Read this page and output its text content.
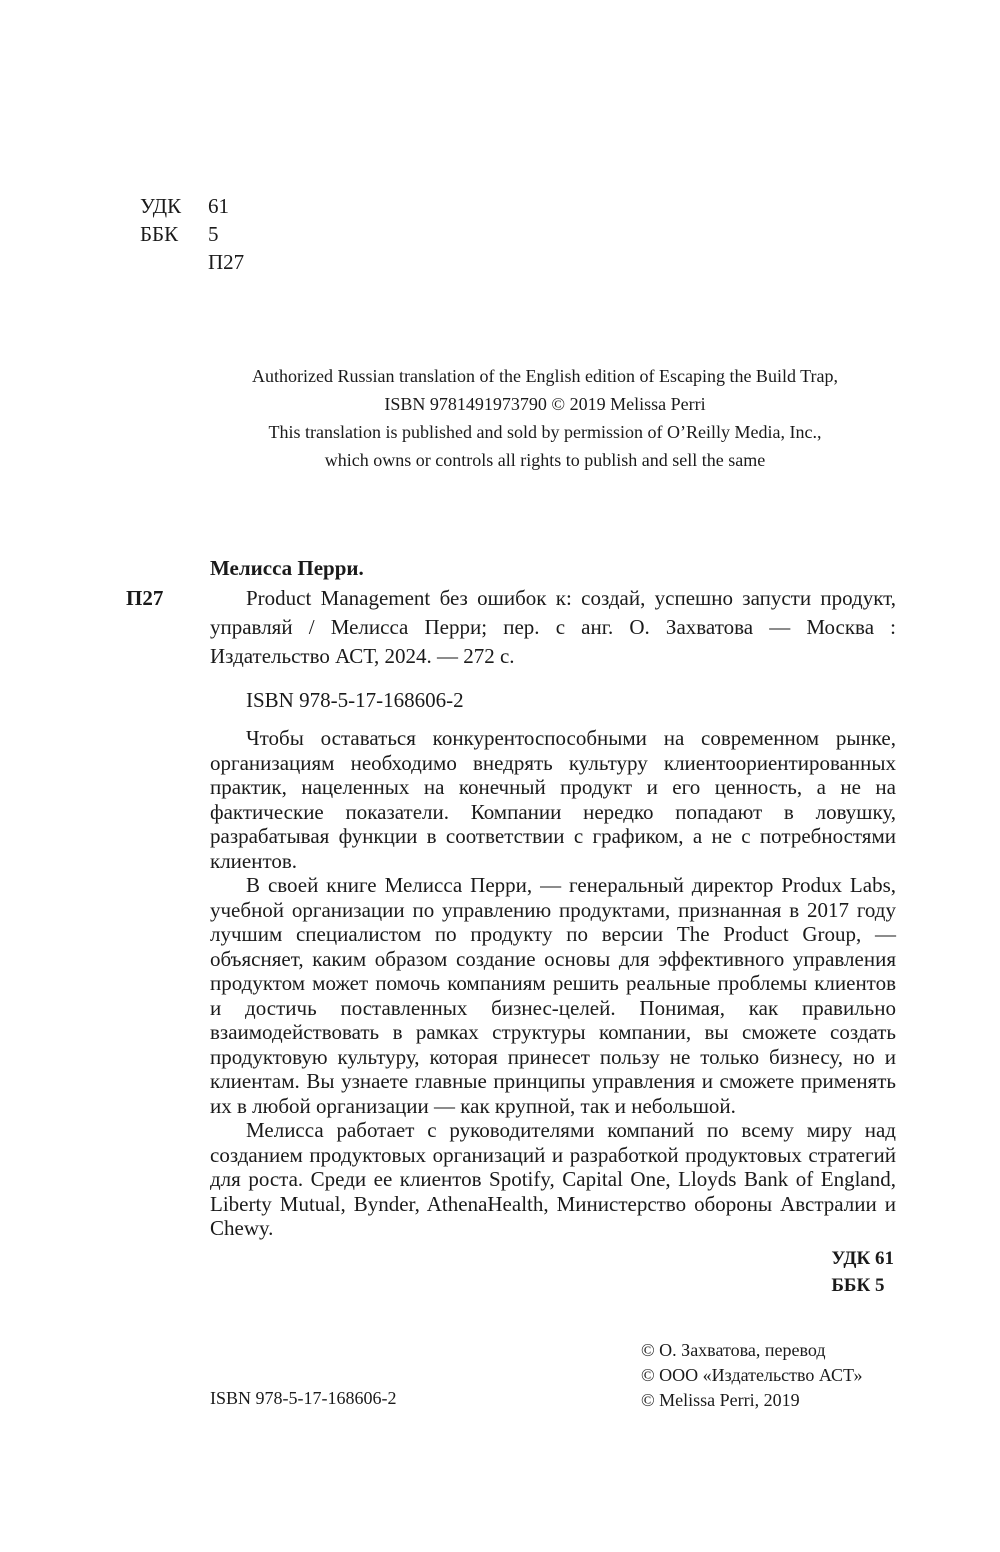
УДК	61
ББК	5
П27
Authorized Russian translation of the English edition of Escaping the Build Trap,
ISBN 9781491973790 © 2019 Melissa Perri
This translation is published and sold by permission of O’Reilly Media, Inc.,
which owns or controls all rights to publish and sell the same
Мелисса Перри.
П27	Product Management без ошибок к: создай, успешно запусти продукт, управляй / Мелисса Перри; пер. с анг. О. Захватова — Москва : Издательство АСТ, 2024. — 272 с.
ISBN 978-5-17-168606-2

Чтобы оставаться конкурентоспособными на современном рынке, организациям необходимо внедрять культуру клиентоориентированных практик, нацеленных на конечный продукт и его ценность, а не на фактические показатели. Компании нередко попадают в ловушку, разрабатывая функции в соответствии с графиком, а не с потребностями клиентов.

В своей книге Мелисса Перри, — генеральный директор Produx Labs, учебной организации по управлению продуктами, признанная в 2017 году лучшим специалистом по продукту по версии The Product Group, — объясняет, каким образом создание основы для эффективного управления продуктом может помочь компаниям решить реальные проблемы клиентов и достичь поставленных бизнес-целей. Понимая, как правильно взаимодействовать в рамках структуры компании, вы сможете создать продуктовую культуру, которая принесет пользу не только бизнесу, но и клиентам. Вы узнаете главные принципы управления и сможете применять их в любой организации — как крупной, так и небольшой.

Мелисса работает с руководителями компаний по всему миру над созданием продуктовых организаций и разработкой продуктовых стратегий для роста. Среди ее клиентов Spotify, Capital One, Lloyds Bank of England, Liberty Mutual, Bynder, AthenaHealth, Министерство обороны Австралии и Chewy.

УДК 61
ББК 5
© О. Захватова, перевод
© ООО «Издательство АСТ»
© Melissa Perri, 2019
ISBN 978-5-17-168606-2
